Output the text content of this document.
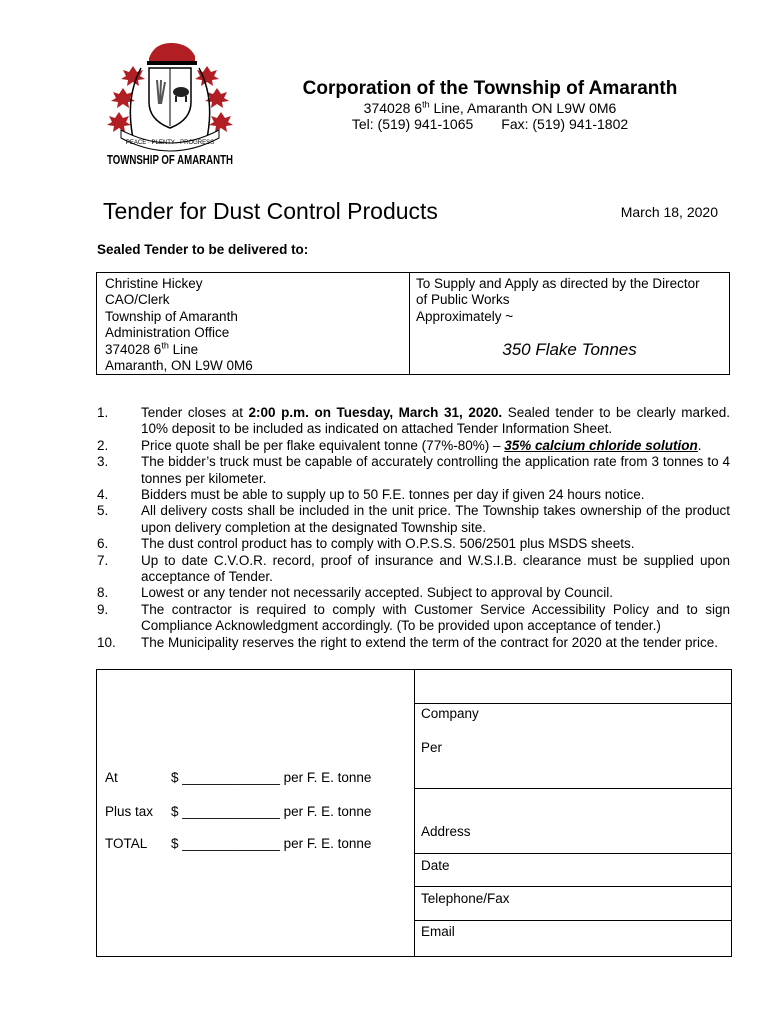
PEACE · PLENTY · PROGRESS
TOWNSHIP OF AMARANTH
Corporation of the Township of Amaranth
374028 6th Line, Amaranth ON L9W 0M6
Tel: (519) 941-1065 Fax: (519) 941-1802
Tender for Dust Control Products	March 18, 2020
Sealed Tender to be delivered to:
Christine Hickey
CAO/Clerk
Township of Amaranth
Administration Office
374028 6th Line
Amaranth, ON L9W 0M6
To Supply and Apply as directed by the Director
of Public Works
Approximately ~
350 Flake Tonnes
1.	Tender closes at 2:00 p.m. on Tuesday, March 31, 2020. Sealed tender to be clearly marked. 10% deposit to be included as indicated on attached Tender Information Sheet.
2.	Price quote shall be per flake equivalent tonne (77%-80%) – 35% calcium chloride solution.
3.	The bidder’s truck must be capable of accurately controlling the application rate from 3 tonnes to 4 tonnes per kilometer.
4.	Bidders must be able to supply up to 50 F.E. tonnes per day if given 24 hours notice.
5.	All delivery costs shall be included in the unit price. The Township takes ownership of the product upon delivery completion at the designated Township site.
6.	The dust control product has to comply with O.P.S.S. 506/2501 plus MSDS sheets.
7.	Up to date C.V.O.R. record, proof of insurance and W.S.I.B. clearance must be supplied upon acceptance of Tender.
8.	Lowest or any tender not necessarily accepted. Subject to approval by Council.
9.	The contractor is required to comply with Customer Service Accessibility Policy and to sign Compliance Acknowledgment accordingly. (To be provided upon acceptance of tender.)
10.	The Municipality reserves the right to extend the term of the contract for 2020 at the tender price.
At	$ _____________ per F. E. tonne
Plus tax	$ _____________ per F. E. tonne
TOTAL	$ _____________ per F. E. tonne
Company
Per
Address
Date
Telephone/Fax
Email
